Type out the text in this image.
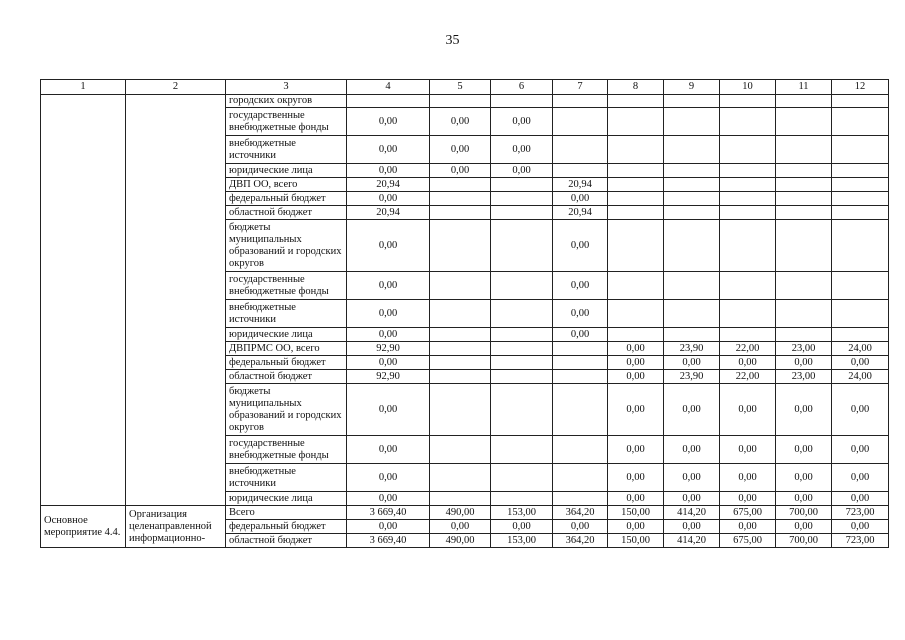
35
1	2	3	4	5	6	7	8	9	10	11	12
		городских округов									
		государственные внебюджетные фонды	0,00	0,00	0,00						
		внебюджетные источники	0,00	0,00	0,00						
		юридические лица	0,00	0,00	0,00						
		ДВП ОО, всего	20,94			20,94					
		федеральный бюджет	0,00			0,00					
		областной бюджет	20,94			20,94					
		бюджеты муниципальных образований и городских округов	0,00			0,00					
		государственные внебюджетные фонды	0,00			0,00					
		внебюджетные источники	0,00			0,00					
		юридические лица	0,00			0,00					
		ДВПРМС ОО, всего	92,90				0,00	23,90	22,00	23,00	24,00
		федеральный бюджет	0,00				0,00	0,00	0,00	0,00	0,00
		областной бюджет	92,90				0,00	23,90	22,00	23,00	24,00
		бюджеты муниципальных образований и городских округов	0,00				0,00	0,00	0,00	0,00	0,00
		государственные внебюджетные фонды	0,00				0,00	0,00	0,00	0,00	0,00
		внебюджетные источники	0,00				0,00	0,00	0,00	0,00	0,00
		юридические лица	0,00				0,00	0,00	0,00	0,00	0,00
Основное мероприятие 4.4.	Организация целенаправленной информационно-	Всего	3 669,40	490,00	153,00	364,20	150,00	414,20	675,00	700,00	723,00
		федеральный бюджет	0,00	0,00	0,00	0,00	0,00	0,00	0,00	0,00	0,00
		областной бюджет	3 669,40	490,00	153,00	364,20	150,00	414,20	675,00	700,00	723,00
